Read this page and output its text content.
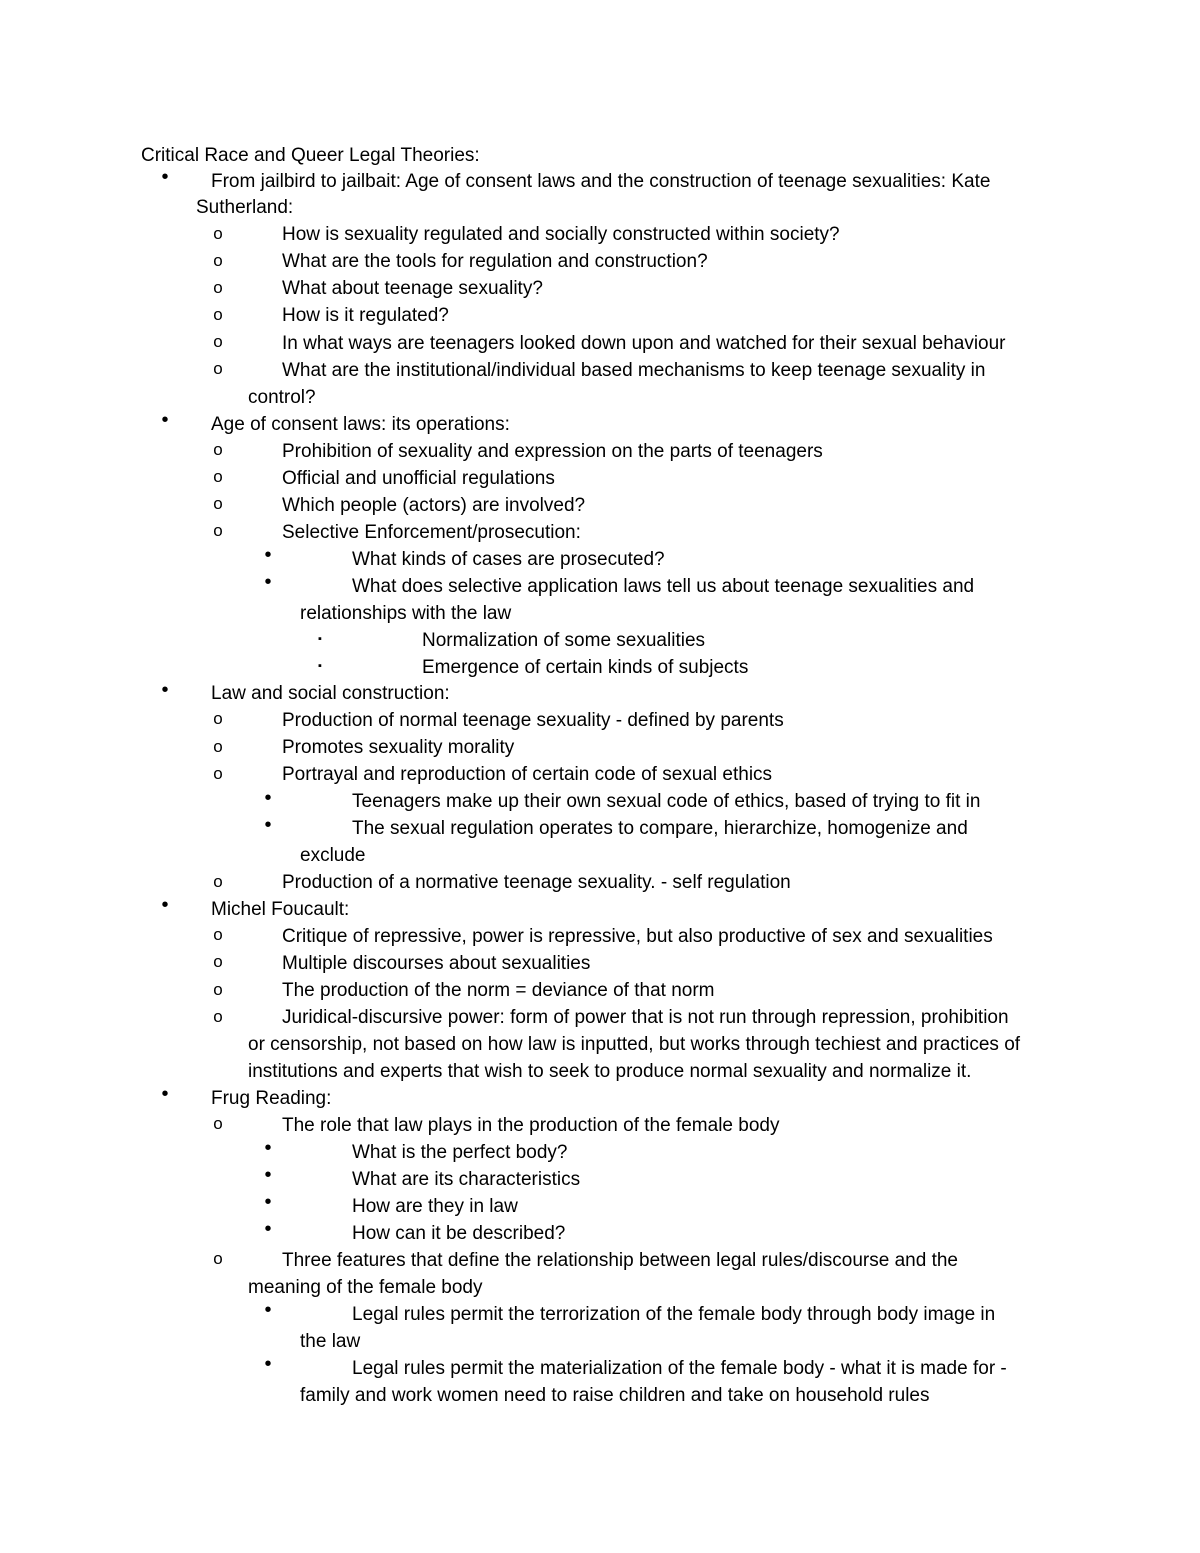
Critical Race and Queer Legal Theories:
•	From jailbird to jailbait: Age of consent laws and the construction of teenage sexualities: Kate
Sutherland:
o	How is sexuality regulated and socially constructed within society?
o	What are the tools for regulation and construction?
o	What about teenage sexuality?
o	How is it regulated?
o	In what ways are teenagers looked down upon and watched for their sexual behaviour
o	What are the institutional/individual based mechanisms to keep teenage sexuality in
control?
•	Age of consent laws: its operations:
o	Prohibition of sexuality and expression on the parts of teenagers
o	Official and unofficial regulations
o	Which people (actors) are involved?
o	Selective Enforcement/prosecution:
•	What kinds of cases are prosecuted?
•	What does selective application laws tell us about teenage sexualities and
relationships with the law
▪	Normalization of some sexualities
▪	Emergence of certain kinds of subjects
•	Law and social construction:
o	Production of normal teenage sexuality - defined by parents
o	Promotes sexuality morality
o	Portrayal and reproduction of certain code of sexual ethics
•	Teenagers make up their own sexual code of ethics, based of trying to fit in
•	The sexual regulation operates to compare, hierarchize, homogenize and
exclude
o	Production of a normative teenage sexuality. - self regulation
•	Michel Foucault:
o	Critique of repressive, power is repressive, but also productive of sex and sexualities
o	Multiple discourses about sexualities
o	The production of the norm = deviance of that norm
o	Juridical-discursive power: form of power that is not run through repression, prohibition
or censorship, not based on how law is inputted, but works through techiest and practices of
institutions and experts that wish to seek to produce normal sexuality and normalize it.
•	Frug Reading:
o	The role that law plays in the production of the female body
•	What is the perfect body?
•	What are its characteristics
•	How are they in law
•	How can it be described?
o	Three features that define the relationship between legal rules/discourse and the
meaning of the female body
•	Legal rules permit the terrorization of the female body through body image in
the law
•	Legal rules permit the materialization of the female body - what it is made for -
family and work women need to raise children and take on household rules
